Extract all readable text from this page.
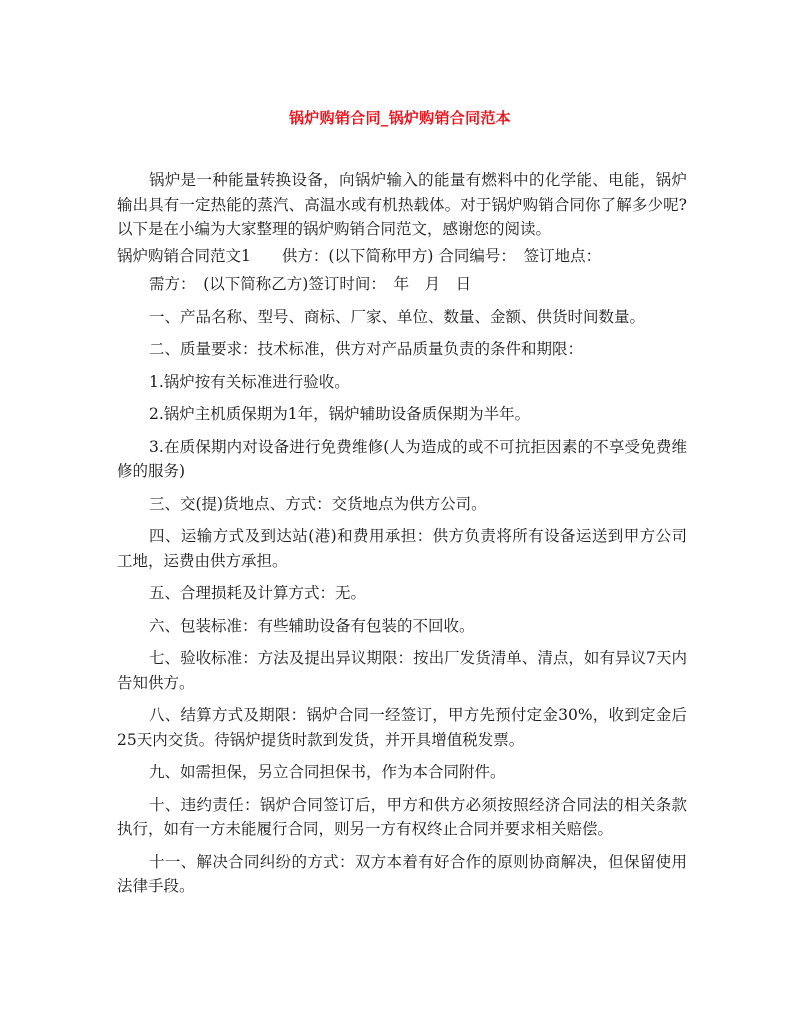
锅炉购销合同_锅炉购销合同范本

锅炉是一种能量转换设备，向锅炉输入的能量有燃料中的化学能、电能，锅炉输出具有一定热能的蒸汽、高温水或有机热载体。对于锅炉购销合同你了解多少呢?以下是在小编为大家整理的锅炉购销合同范文，感谢您的阅读。

锅炉购销合同范文1　　供方：(以下简称甲方) 合同编号：　签订地点：

需方：　(以下简称乙方)签订时间：　年　月　日

一、产品名称、型号、商标、厂家、单位、数量、金额、供货时间数量。

二、质量要求：技术标准，供方对产品质量负责的条件和期限：

1.锅炉按有关标准进行验收。

2.锅炉主机质保期为1年，锅炉辅助设备质保期为半年。

3.在质保期内对设备进行免费维修(人为造成的或不可抗拒因素的不享受免费维修的服务)

三、交(提)货地点、方式：交货地点为供方公司。

四、运输方式及到达站(港)和费用承担：供方负责将所有设备运送到甲方公司工地，运费由供方承担。

五、合理损耗及计算方式：无。

六、包装标准：有些辅助设备有包装的不回收。

七、验收标准：方法及提出异议期限：按出厂发货清单、清点，如有异议7天内告知供方。

八、结算方式及期限：锅炉合同一经签订，甲方先预付定金30%，收到定金后25天内交货。待锅炉提货时款到发货，并开具增值税发票。

九、如需担保，另立合同担保书，作为本合同附件。

十、违约责任：锅炉合同签订后，甲方和供方必须按照经济合同法的相关条款执行，如有一方未能履行合同，则另一方有权终止合同并要求相关赔偿。

十一、解决合同纠纷的方式：双方本着有好合作的原则协商解决，但保留使用法律手段。
